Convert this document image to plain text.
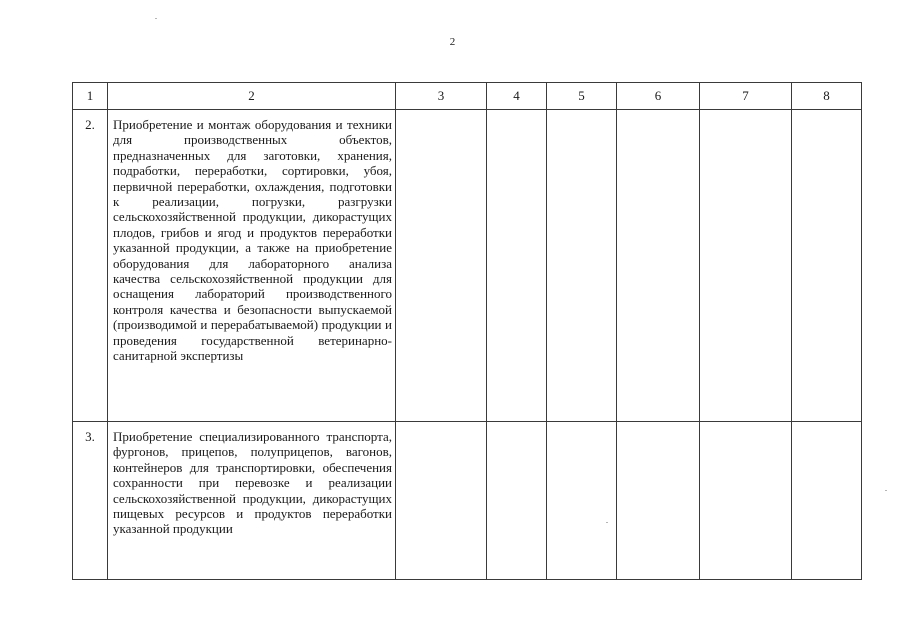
2
1	2	3	4	5	6	7	8
2.	Приобретение и монтаж оборудования и техники для производственных объектов, предназначенных для заготовки, хранения, подработки, переработки, сортировки, убоя, первичной переработки, охлаждения, подготовки к реализации, погрузки, разгрузки сельскохозяйственной продукции, дикорастущих плодов, грибов и ягод и продуктов переработки указанной продукции, а также на приобретение оборудования для лабораторного анализа качества сельскохозяйственной продукции для оснащения лабораторий производственного контроля качества и безопасности выпускаемой (производимой и перерабатываемой) продукции и проведения государственной ветеринарно-санитарной экспертизы						
3.	Приобретение специализированного транспорта, фургонов, прицепов, полуприцепов, вагонов, контейнеров для транспортировки, обеспечения сохранности при перевозке и реализации сельскохозяйственной продукции, дикорастущих пищевых ресурсов и продуктов переработки указанной продукции						
